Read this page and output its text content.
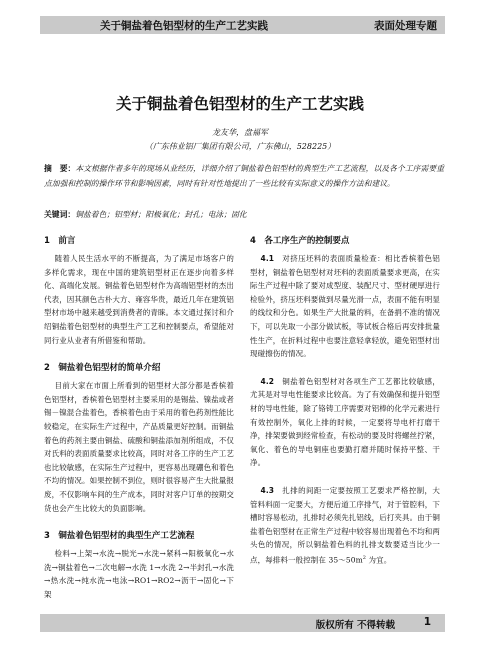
关于铜盐着色铝型材的生产工艺实践	表面处理专题
关于铜盐着色铝型材的生产工艺实践
龙友华，盘福军
（广东伟业铝厂集团有限公司，广东佛山，528225）
摘　要：本文根据作者多年的现场从业经历，详细介绍了铜盐着色铝型材的典型生产工艺流程，以及各个工序需要重点加强和控制的操作环节和影响因素，同时有针对性地提出了一些比较有实际意义的操作方法和建议。
关键词：铜盐着色；铝型材；阳极氧化；封孔；电泳；固化
1　前言

随着人民生活水平的不断提高，为了满足市场客户的多样化需求，现在中国的建筑铝型材正在逐步向着多样化、高端化发展。铜盐着色铝型材作为高端铝型材的杰出代表，因其颜色古朴大方、雍容华贵，最近几年在建筑铝型材市场中越来越受到消费者的青睐。本文通过探讨和介绍铜盐着色铝型材的典型生产工艺和控制要点，希望能对同行业从业者有所借鉴和帮助。

2　铜盐着色铝型材的简单介绍

目前大家在市面上所看到的铝型材大部分都是香槟着色铝型材，香槟着色铝型材主要采用的是锡盐、镍盐或者锡－镍混合盐着色，香槟着色由于采用的着色药剂性能比较稳定，在实际生产过程中，产品质量更好控制。而铜盐着色的药剂主要由铜盐、硫酸和铜盐添加剂所组成，不仅对氏料的表面质量要求比较高，同时对各工序的生产工艺也比较敏感，在实际生产过程中，更容易出现硼色和着色不均的情况。如果控制不到位，则时很容易产生大批量报废，不仅影响车间的生产成本，同时对客户订单的按期交货也会产生比较大的负面影响。

3　铜盐着色铝型材的典型生产工艺流程

检料→上架→水洗→脱光→水洗→紧科→阳极氧化→水洗→铜盐着色→二次电解→水洗 1→水洗 2→半封孔→水洗→热水洗→纯水洗→电泳→RO1→RO2→沥干→固化→下架

4　各工序生产的控制要点

4.1　 对挤压坯料的表面质量检查：相比香槟着色铝型材，铜盐着色铝型材对坯料的表面质量要求更高，在实际生产过程中除了要对成型度、装配尺寸、型材硬厚进行检验外，挤压坯料要做到尽量光滑一点，表面不能有明显的线纹和分色。如果生产大批量的料，在备捐不准的情况下，可以先取一小部分做试板，等试板合格后再安排批量性生产，在折料过程中也要注意轻拿轻放，避免铝型材出现碰擦伤的情况。

4.2　 铜盐着色铝型材对各项生产工艺都比较敏感，尤其是对导电性能要求比较高。为了有效确保和提升铝型材的导电性能，除了铬铸工序需要对铝棒的化学元素进行有效控制外，氧化上排的时候，一定要将导电杆打磨干净，排架要做到经常检查，有松动的要及时将螺丝拧紧，氧化、着色的导电铜座也要勤打磨并随时保持平整、干净。

4.3　 扎排的间距一定要按照工艺要求严格控制，大管料料面一定要大，方便后道工序排气，对于管腔料，下槽时容易松动，扎排时必须先扎铝线，后打夹具。由于铜盐着色铝型材在正常生产过程中较容易出现着色不均和两头色的情况，所以铜盐着色料的扎排支数要适当比少一点，每排料一般控制在 $35\sim 50m^2$ 为宜。

版权所有 不得转载	1
